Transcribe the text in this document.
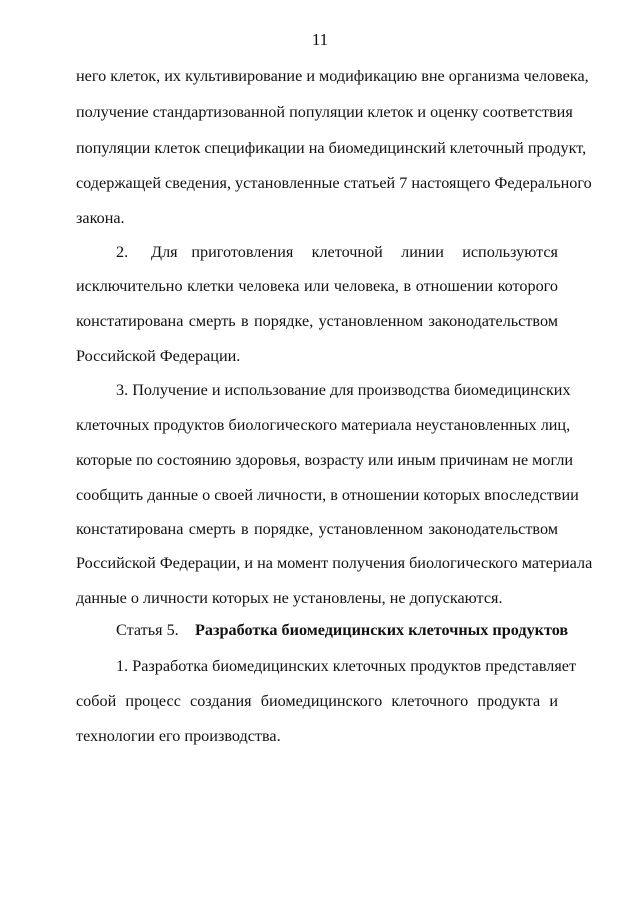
11
него клеток, их культивирование и модификацию вне организма человека,
получение стандартизованной популяции клеток и оценку соответствия
популяции клеток спецификации на биомедицинский клеточный продукт,
содержащей сведения, установленные статьей 7 настоящего Федерального
закона.
2.     Для   приготовления    клеточной    линии    используются
исключительно клетки человека или человека, в отношении которого
констатирована смерть в порядке, установленном законодательством
Российской Федерации.
3. Получение и использование для производства биомедицинских
клеточных продуктов биологического материала неустановленных лиц,
которые по состоянию здоровья, возрасту или иным причинам не могли
сообщить данные о своей личности, в отношении которых впоследствии
констатирована смерть в порядке, установленном законодательством
Российской Федерации, и на момент получения биологического материала
данные о личности которых не установлены, не допускаются.
Статья 5. Разработка биомедицинских клеточных продуктов
1. Разработка биомедицинских клеточных продуктов представляет
собой процесс создания биомедицинского клеточного продукта и
технологии его производства.
